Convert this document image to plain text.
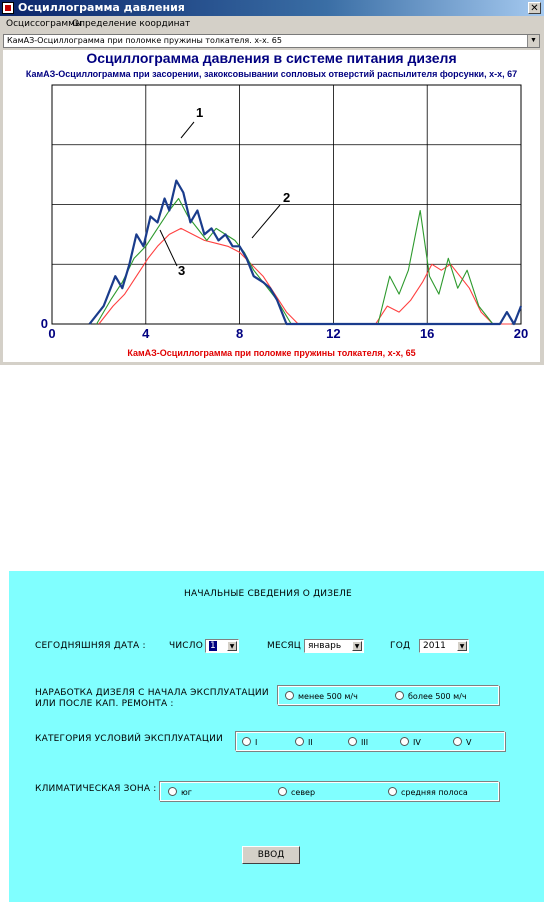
Осциллограмма давления	✕
Осциссограммы
Определение координат
КамАЗ-Осциллограмма при поломке пружины толкателя. х-х. 65	▼
Осциллограмма давления в системе питания дизеля
КамАЗ-Осциллограмма при засорении, закоксовывании сопловых отверстий распылителя форсунки, х-х, 67
0	4	8	12	16	20
0
1
2
3
КамАЗ-Осциллограмма при поломке пружины толкателя, х-х, 65
НАЧАЛЬНЫЕ СВЕДЕНИЯ О ДИЗЕЛЕ
СЕГОДНЯШНЯЯ ДАТА :	ЧИСЛО 1	▼	МЕСЯЦ январь	▼	ГОД 2011	▼
НАРАБОТКА ДИЗЕЛЯ С НАЧАЛА ЭКСПЛУАТАЦИИ
ИЛИ ПОСЛЕ КАП. РЕМОНТА :
менее 500 м/ч	более 500 м/ч
КАТЕГОРИЯ УСЛОВИЙ ЭКСПЛУАТАЦИИ	I	II	III	IV	V
КЛИМАТИЧЕСКАЯ ЗОНА :	юг	север	средняя полоса
ВВОД
